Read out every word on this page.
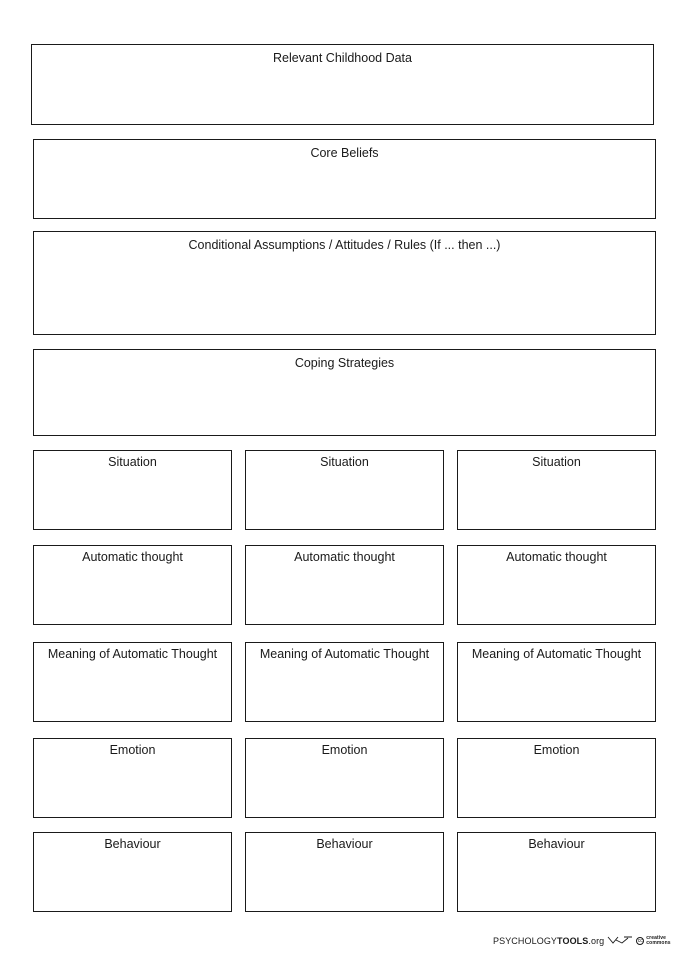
Relevant Childhood Data
Core Beliefs
Conditional Assumptions / Attitudes / Rules (If ... then ...)
Coping Strategies
Situation
Automatic thought
Meaning of Automatic Thought
Emotion
Behaviour
Situation
Automatic thought
Meaning of Automatic Thought
Emotion
Behaviour
Situation
Automatic thought
Meaning of Automatic Thought
Emotion
Behaviour
PSYCHOLOGYTOOLS.org	cc creative
commons
